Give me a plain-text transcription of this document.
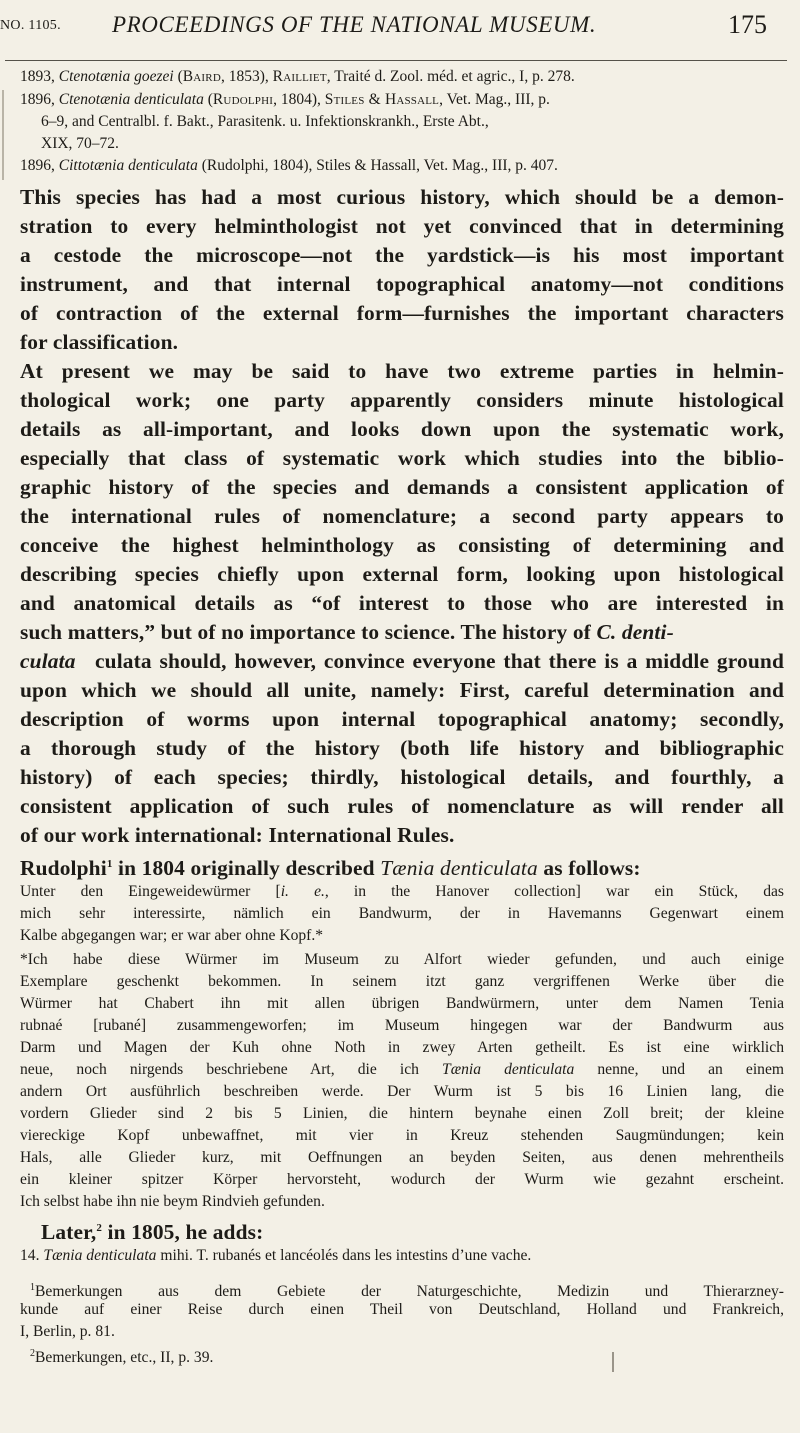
NO. 1105. PROCEEDINGS OF THE NATIONAL MUSEUM.	175
1893, Ctenotænia goezei (Baird, 1853), Railliet, Traité d. Zool. méd. et agric., I, p. 278.
1896, Ctenotænia denticulata (Rudolphi, 1804), Stiles & Hassall, Vet. Mag., III, p.
6–9, and Centralbl. f. Bakt., Parasitenk. u. Infektionskrankh., Erste Abt.,
XIX, 70–72.
1896, Cittotænia denticulata (Rudolphi, 1804), Stiles & Hassall, Vet. Mag., III, p. 407.
This species has had a most curious history, which should be a demon-
stration to every helminthologist not yet convinced that in determining
a cestode the microscope—not the yardstick—is his most important
instrument, and that internal topographical anatomy—not conditions
of contraction of the external form—furnishes the important characters
for classification.
At present we may be said to have two extreme parties in helmin-
thological work; one party apparently considers minute histological
details as all-important, and looks down upon the systematic work,
especially that class of systematic work which studies into the biblio-
graphic history of the species and demands a consistent application of
the international rules of nomenclature; a second party appears to
conceive the highest helminthology as consisting of determining and
describing species chiefly upon external form, looking upon histological
and anatomical details as “of interest to those who are interested in
such matters,” but of no importance to science. The history of C. denti-
culata culata should, however, convince everyone that there is a middle ground
upon which we should all unite, namely: First, careful determination and
description of worms upon internal topographical anatomy; secondly,
a thorough study of the history (both life history and bibliographic
history) of each species; thirdly, histological details, and fourthly, a
consistent application of such rules of nomenclature as will render all
of our work international: International Rules.
Rudolphi$^1$ in 1804 originally described Tænia denticulata as follows:
Unter den Eingeweidewürmer [i. e., in the Hanover collection] war ein Stück, das
mich sehr interessirte, nämlich ein Bandwurm, der in Havemanns Gegenwart einem
Kalbe abgegangen war; er war aber ohne Kopf.*
*Ich habe diese Würmer im Museum zu Alfort wieder gefunden, und auch einige
Exemplare geschenkt bekommen. In seinem itzt ganz vergriffenen Werke über die
Würmer hat Chabert ihn mit allen übrigen Bandwürmern, unter dem Namen Tenia
rubnaé [rubané] zusammengeworfen; im Museum hingegen war der Bandwurm aus
Darm und Magen der Kuh ohne Noth in zwey Arten getheilt. Es ist eine wirklich
neue, noch nirgends beschriebene Art, die ich Tænia denticulata nenne, und an einem
andern Ort ausführlich beschreiben werde. Der Wurm ist 5 bis 16 Linien lang, die
vordern Glieder sind 2 bis 5 Linien, die hintern beynahe einen Zoll breit; der kleine
viereckige Kopf unbewaffnet, mit vier in Kreuz stehenden Saugmündungen; kein
Hals, alle Glieder kurz, mit Oeffnungen an beyden Seiten, aus denen mehrentheils
ein kleiner spitzer Körper hervorsteht, wodurch der Wurm wie gezahnt erscheint.
Ich selbst habe ihn nie beym Rindvieh gefunden.
Later,$^2$ in 1805, he adds:
14. Tænia denticulata mihi. T. rubanés et lancéolés dans les intestins d’une vache.
$^1$Bemerkungen aus dem Gebiete der Naturgeschichte, Medizin und Thierarzney-
kunde auf einer Reise durch einen Theil von Deutschland, Holland und Frankreich,
I, Berlin, p. 81.
$^2$Bemerkungen, etc., II, p. 39.
